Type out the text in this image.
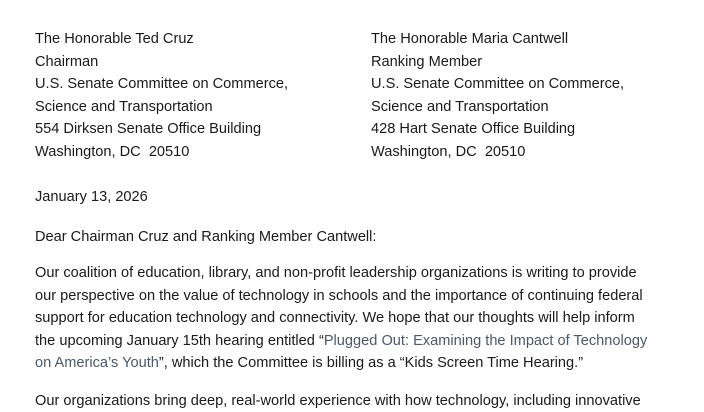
The Honorable Ted Cruz
Chairman
U.S. Senate Committee on Commerce,
Science and Transportation
554 Dirksen Senate Office Building
Washington, DC  20510
The Honorable Maria Cantwell
Ranking Member
U.S. Senate Committee on Commerce,
Science and Transportation
428 Hart Senate Office Building
Washington, DC  20510
January 13, 2026
Dear Chairman Cruz and Ranking Member Cantwell:
Our coalition of education, library, and non-profit leadership organizations is writing to provide
our perspective on the value of technology in schools and the importance of continuing federal
support for education technology and connectivity. We hope that our thoughts will help inform
the upcoming January 15th hearing entitled “Plugged Out: Examining the Impact of Technology
on America’s Youth”, which the Committee is billing as a “Kids Screen Time Hearing.”
Our organizations bring deep, real-world experience with how technology, including innovative
